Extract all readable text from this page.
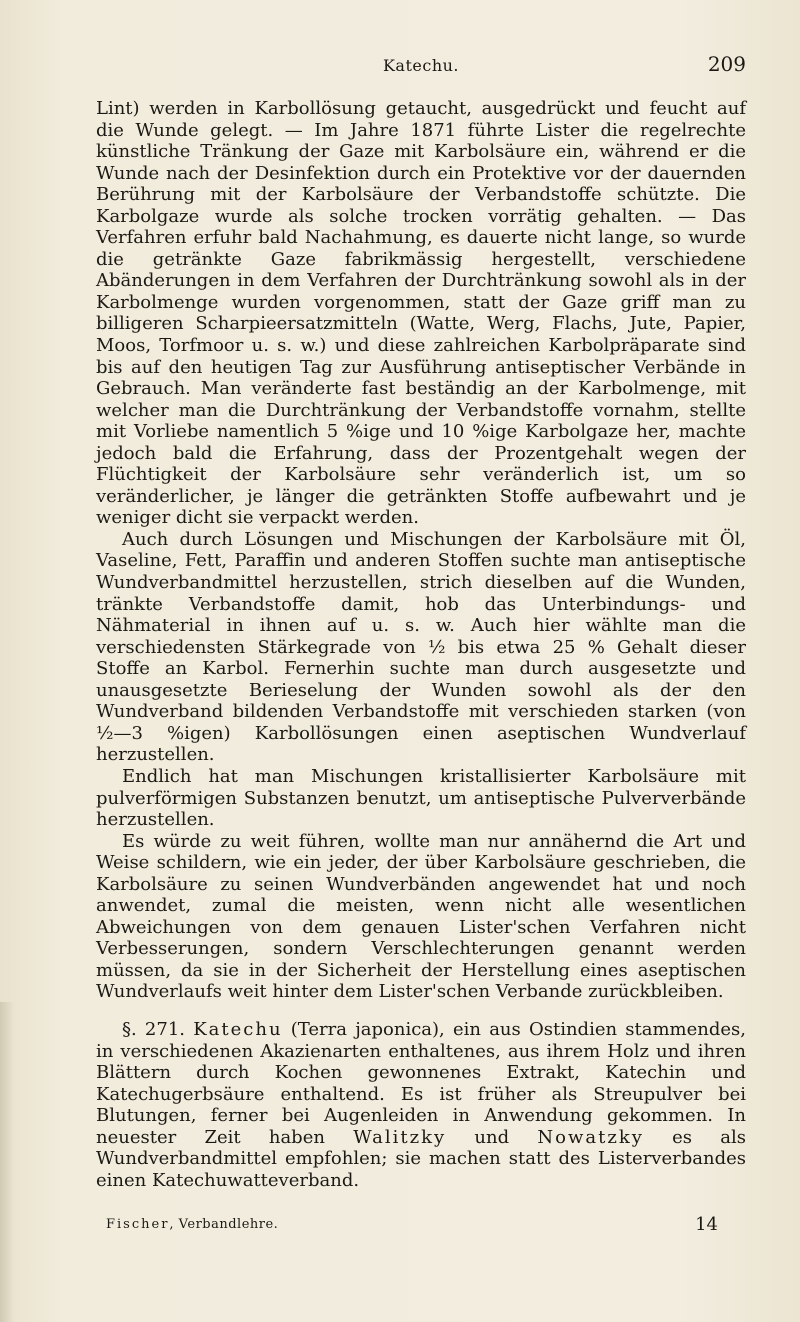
Katechu.	209

Lint) werden in Karbollösung getaucht, ausgedrückt und feucht auf die Wunde gelegt. — Im Jahre 1871 führte Lister die regelrechte künstliche Tränkung der Gaze mit Karbolsäure ein, während er die Wunde nach der Desinfektion durch ein Protektive vor der dauernden Berührung mit der Karbolsäure der Verbandstoffe schützte. Die Karbolgaze wurde als solche trocken vorrätig gehalten. — Das Verfahren erfuhr bald Nachahmung, es dauerte nicht lange, so wurde die getränkte Gaze fabrikmässig hergestellt, verschiedene Abänderungen in dem Verfahren der Durchtränkung sowohl als in der Karbolmenge wurden vorgenommen, statt der Gaze griff man zu billigeren Scharpieersatzmitteln (Watte, Werg, Flachs, Jute, Papier, Moos, Torfmoor u. s. w.) und diese zahlreichen Karbolpräparate sind bis auf den heutigen Tag zur Ausführung antiseptischer Verbände in Gebrauch. Man veränderte fast beständig an der Karbolmenge, mit welcher man die Durchtränkung der Verbandstoffe vornahm, stellte mit Vorliebe namentlich 5 %ige und 10 %ige Karbolgaze her, machte jedoch bald die Erfahrung, dass der Prozentgehalt wegen der Flüchtigkeit der Karbolsäure sehr veränderlich ist, um so veränderlicher, je länger die getränkten Stoffe aufbewahrt und je weniger dicht sie verpackt werden.

Auch durch Lösungen und Mischungen der Karbolsäure mit Öl, Vaseline, Fett, Paraffin und anderen Stoffen suchte man antiseptische Wundverbandmittel herzustellen, strich dieselben auf die Wunden, tränkte Verbandstoffe damit, hob das Unterbindungs- und Nähmaterial in ihnen auf u. s. w. Auch hier wählte man die verschiedensten Stärkegrade von ½ bis etwa 25 % Gehalt dieser Stoffe an Karbol. Fernerhin suchte man durch ausgesetzte und unausgesetzte Berieselung der Wunden sowohl als der den Wundverband bildenden Verbandstoffe mit verschieden starken (von ½—3 %igen) Karbollösungen einen aseptischen Wundverlauf herzustellen.

Endlich hat man Mischungen kristallisierter Karbolsäure mit pulverförmigen Substanzen benutzt, um antiseptische Pulververbände herzustellen.

Es würde zu weit führen, wollte man nur annähernd die Art und Weise schildern, wie ein jeder, der über Karbolsäure geschrieben, die Karbolsäure zu seinen Wundverbänden angewendet hat und noch anwendet, zumal die meisten, wenn nicht alle wesentlichen Abweichungen von dem genauen Lister'schen Verfahren nicht Verbesserungen, sondern Verschlechterungen genannt werden müssen, da sie in der Sicherheit der Herstellung eines aseptischen Wundverlaufs weit hinter dem Lister'schen Verbande zurückbleiben.

§. 271. Katechu (Terra japonica), ein aus Ostindien stammendes, in verschiedenen Akazienarten enthaltenes, aus ihrem Holz und ihren Blättern durch Kochen gewonnenes Extrakt, Katechin und Katechugerbsäure enthaltend. Es ist früher als Streupulver bei Blutungen, ferner bei Augenleiden in Anwendung gekommen. In neuester Zeit haben Walitzky und Nowatzky es als Wundverbandmittel empfohlen; sie machen statt des Listerverbandes einen Katechuwatteverband.

Fischer, Verbandlehre.	14
